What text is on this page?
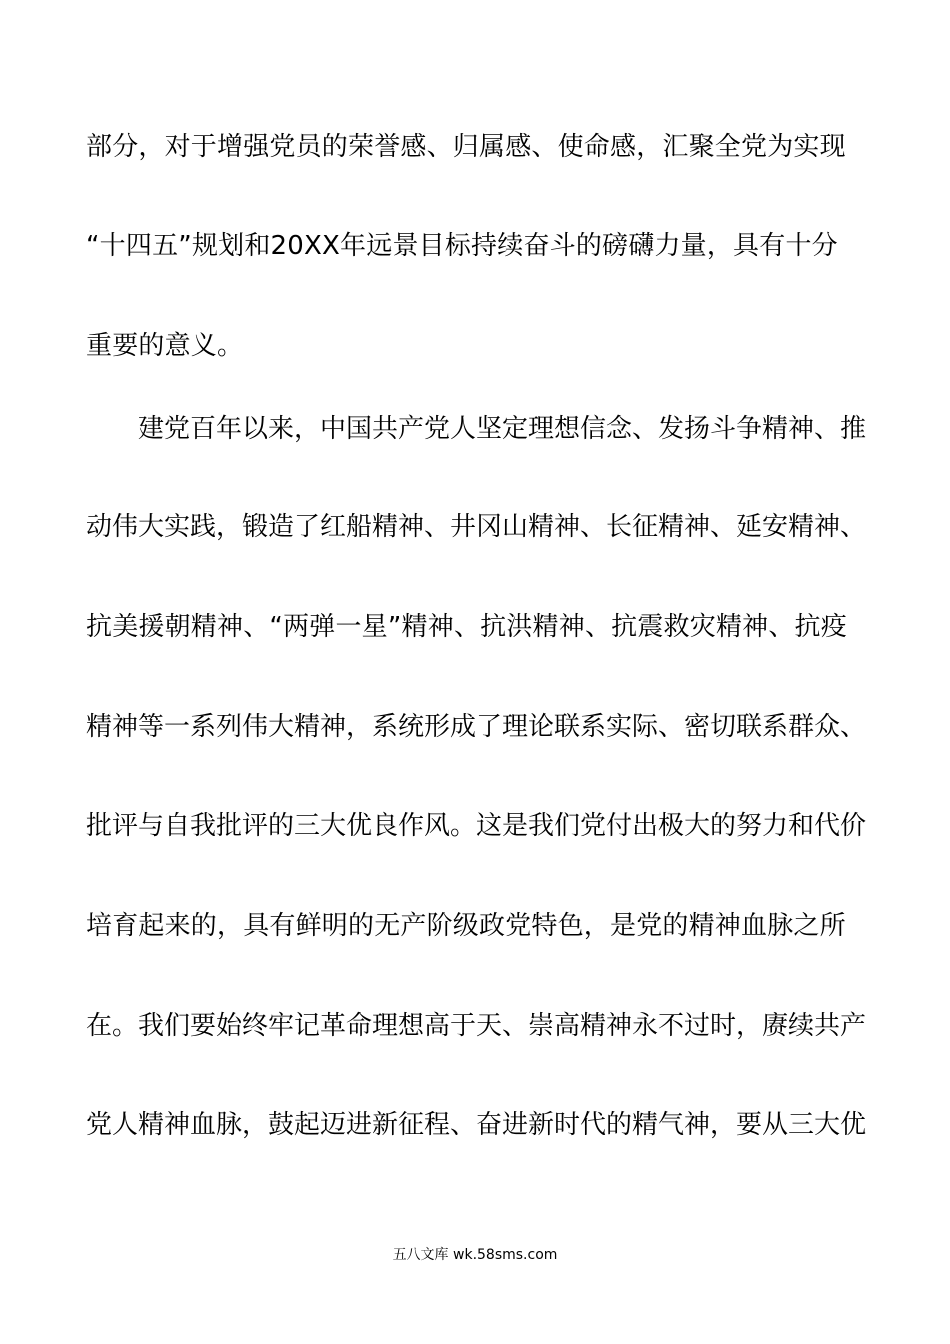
部分，对于增强党员的荣誉感、归属感、使命感，汇聚全党为实现
“十四五”规划和20XX年远景目标持续奋斗的磅礴力量，具有十分
重要的意义。
　　建党百年以来，中国共产党人坚定理想信念、发扬斗争精神、推
动伟大实践，锻造了红船精神、井冈山精神、长征精神、延安精神、
抗美援朝精神、“两弹一星”精神、抗洪精神、抗震救灾精神、抗疫
精神等一系列伟大精神，系统形成了理论联系实际、密切联系群众、
批评与自我批评的三大优良作风。这是我们党付出极大的努力和代价
培育起来的，具有鲜明的无产阶级政党特色，是党的精神血脉之所
在。我们要始终牢记革命理想高于天、崇高精神永不过时，赓续共产
党人精神血脉，鼓起迈进新征程、奋进新时代的精气神，要从三大优
五八文库 wk.58sms.com
